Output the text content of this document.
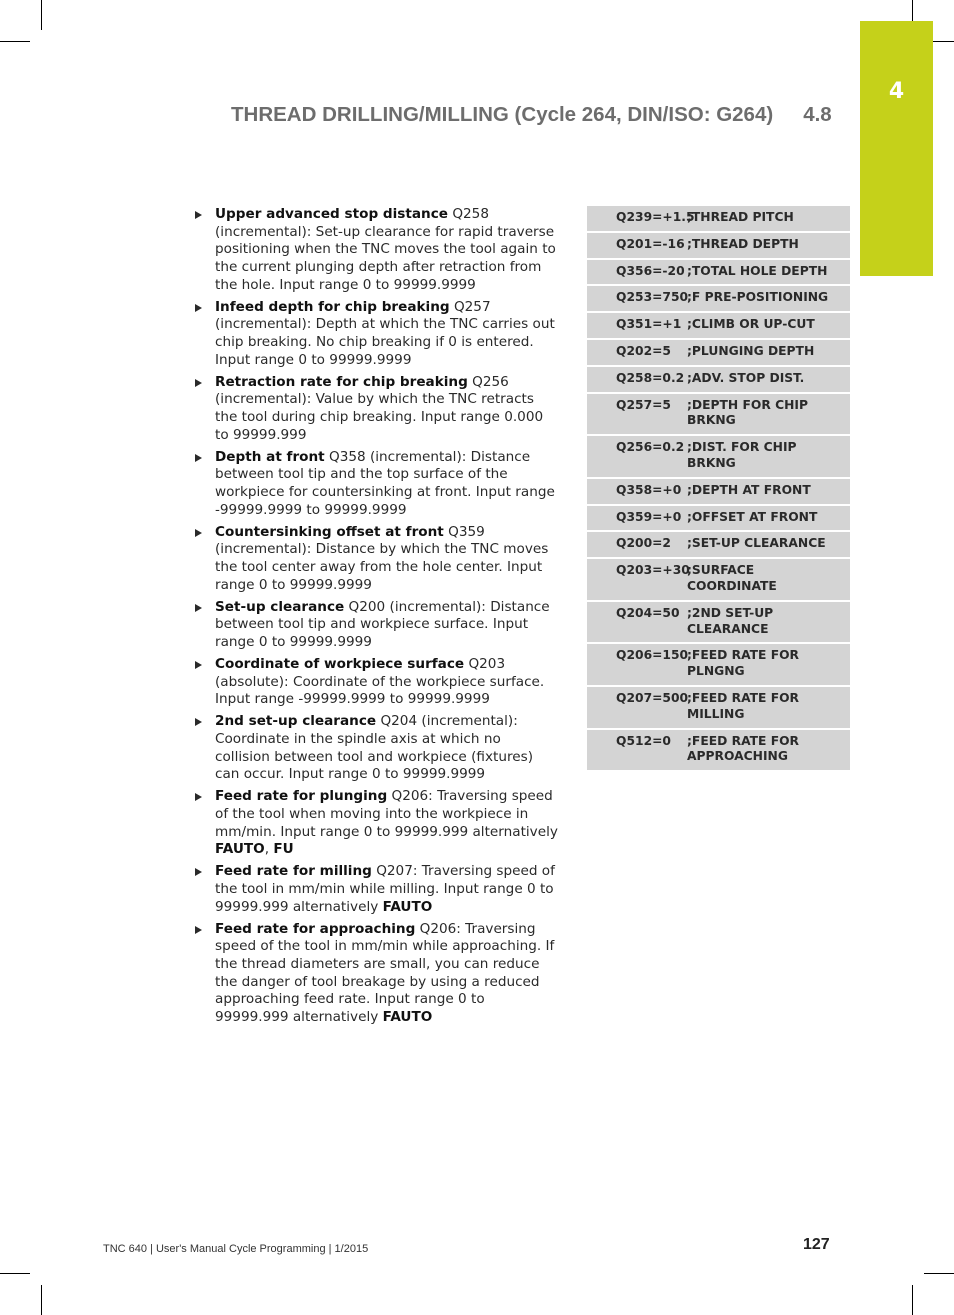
4
THREAD DRILLING/MILLING (Cycle 264, DIN/ISO: G264) 4.8
Upper advanced stop distance Q258 (incremental): Set-up clearance for rapid traverse positioning when the TNC moves the tool again to the current plunging depth after retraction from the hole. Input range 0 to 99999.9999
Infeed depth for chip breaking Q257 (incremental): Depth at which the TNC carries out chip breaking. No chip breaking if 0 is entered. Input range 0 to 99999.9999
Retraction rate for chip breaking Q256 (incremental): Value by which the TNC retracts the tool during chip breaking. Input range 0.000 to 99999.999
Depth at front Q358 (incremental): Distance between tool tip and the top surface of the workpiece for countersinking at front. Input range -99999.9999 to 99999.9999
Countersinking offset at front Q359 (incremental): Distance by which the TNC moves the tool center away from the hole center. Input range 0 to 99999.9999
Set-up clearance Q200 (incremental): Distance between tool tip and workpiece surface. Input range 0 to 99999.9999
Coordinate of workpiece surface Q203 (absolute): Coordinate of the workpiece surface. Input range -99999.9999 to 99999.9999
2nd set-up clearance Q204 (incremental): Coordinate in the spindle axis at which no collision between tool and workpiece (fixtures) can occur. Input range 0 to 99999.9999
Feed rate for plunging Q206: Traversing speed of the tool when moving into the workpiece in mm/min. Input range 0 to 99999.999 alternatively FAUTO, FU
Feed rate for milling Q207: Traversing speed of the tool in mm/min while milling. Input range 0 to 99999.999 alternatively FAUTO
Feed rate for approaching Q206: Traversing speed of the tool in mm/min while approaching. If the thread diameters are small, you can reduce the danger of tool breakage by using a reduced approaching feed rate. Input range 0 to 99999.999 alternatively FAUTO
Q239=+1.5
;THREAD PITCH
Q201=-16 ;THREAD DEPTH
Q356=-20 ;TOTAL HOLE DEPTH
Q253=750
;F PRE-POSITIONING
Q351=+1 ;CLIMB OR UP-CUT
Q202=5	;PLUNGING DEPTH
Q258=0.2 ;ADV. STOP DIST.
Q257=5	;DEPTH FOR CHIP BRKNG
Q256=0.2 ;DIST. FOR CHIP BRKNG
Q358=+0 ;DEPTH AT FRONT
Q359=+0 ;OFFSET AT FRONT
Q200=2	;SET-UP CLEARANCE
Q203=+30
;SURFACE COORDINATE
Q204=50 ;2ND SET-UP CLEARANCE
Q206=150
;FEED RATE FOR PLNGNG
Q207=500
;FEED RATE FOR MILLING
Q512=0	;FEED RATE FOR APPROACHING
TNC 640 | User's Manual Cycle Programming | 1/2015	127
